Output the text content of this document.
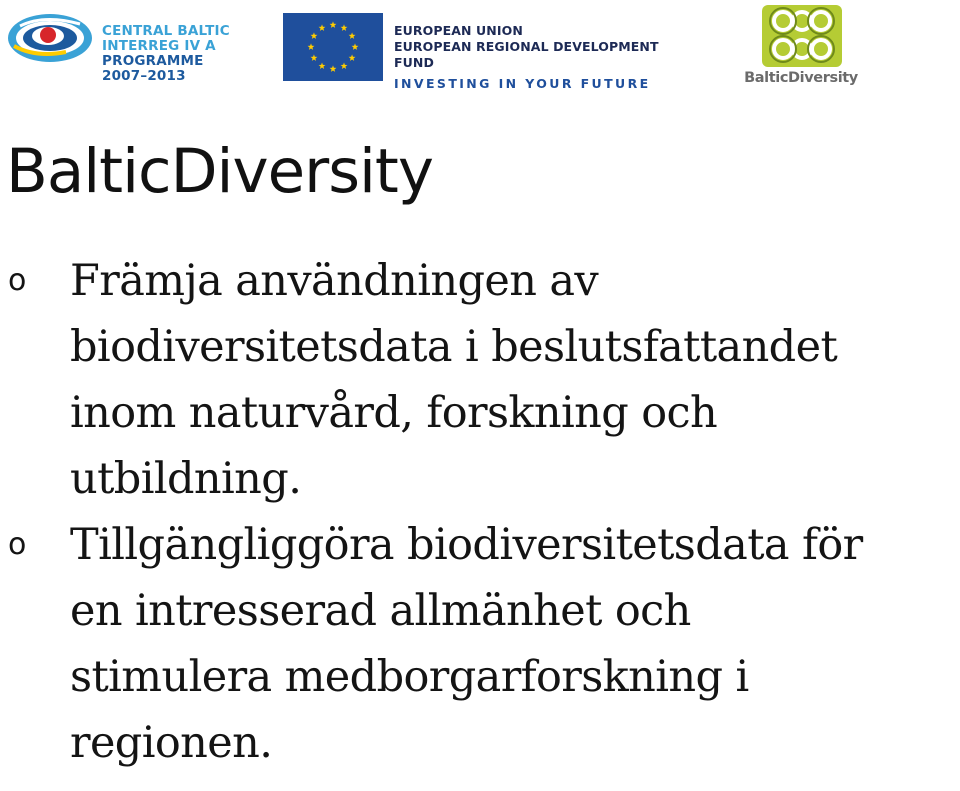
CENTRAL BALTIC
INTERREG IV A
PROGRAMME
2007–2013
EUROPEAN UNION
EUROPEAN REGIONAL DEVELOPMENT FUND
INVESTING IN YOUR FUTURE	BalticDiversity
BalticDiversity
o Främja användningen av
biodiversitetsdata i beslutsfattandet
inom naturvård, forskning och
utbildning.
o Tillgängliggöra biodiversitetsdata för
en intresserad allmänhet och
stimulera medborgarforskning i
regionen.
